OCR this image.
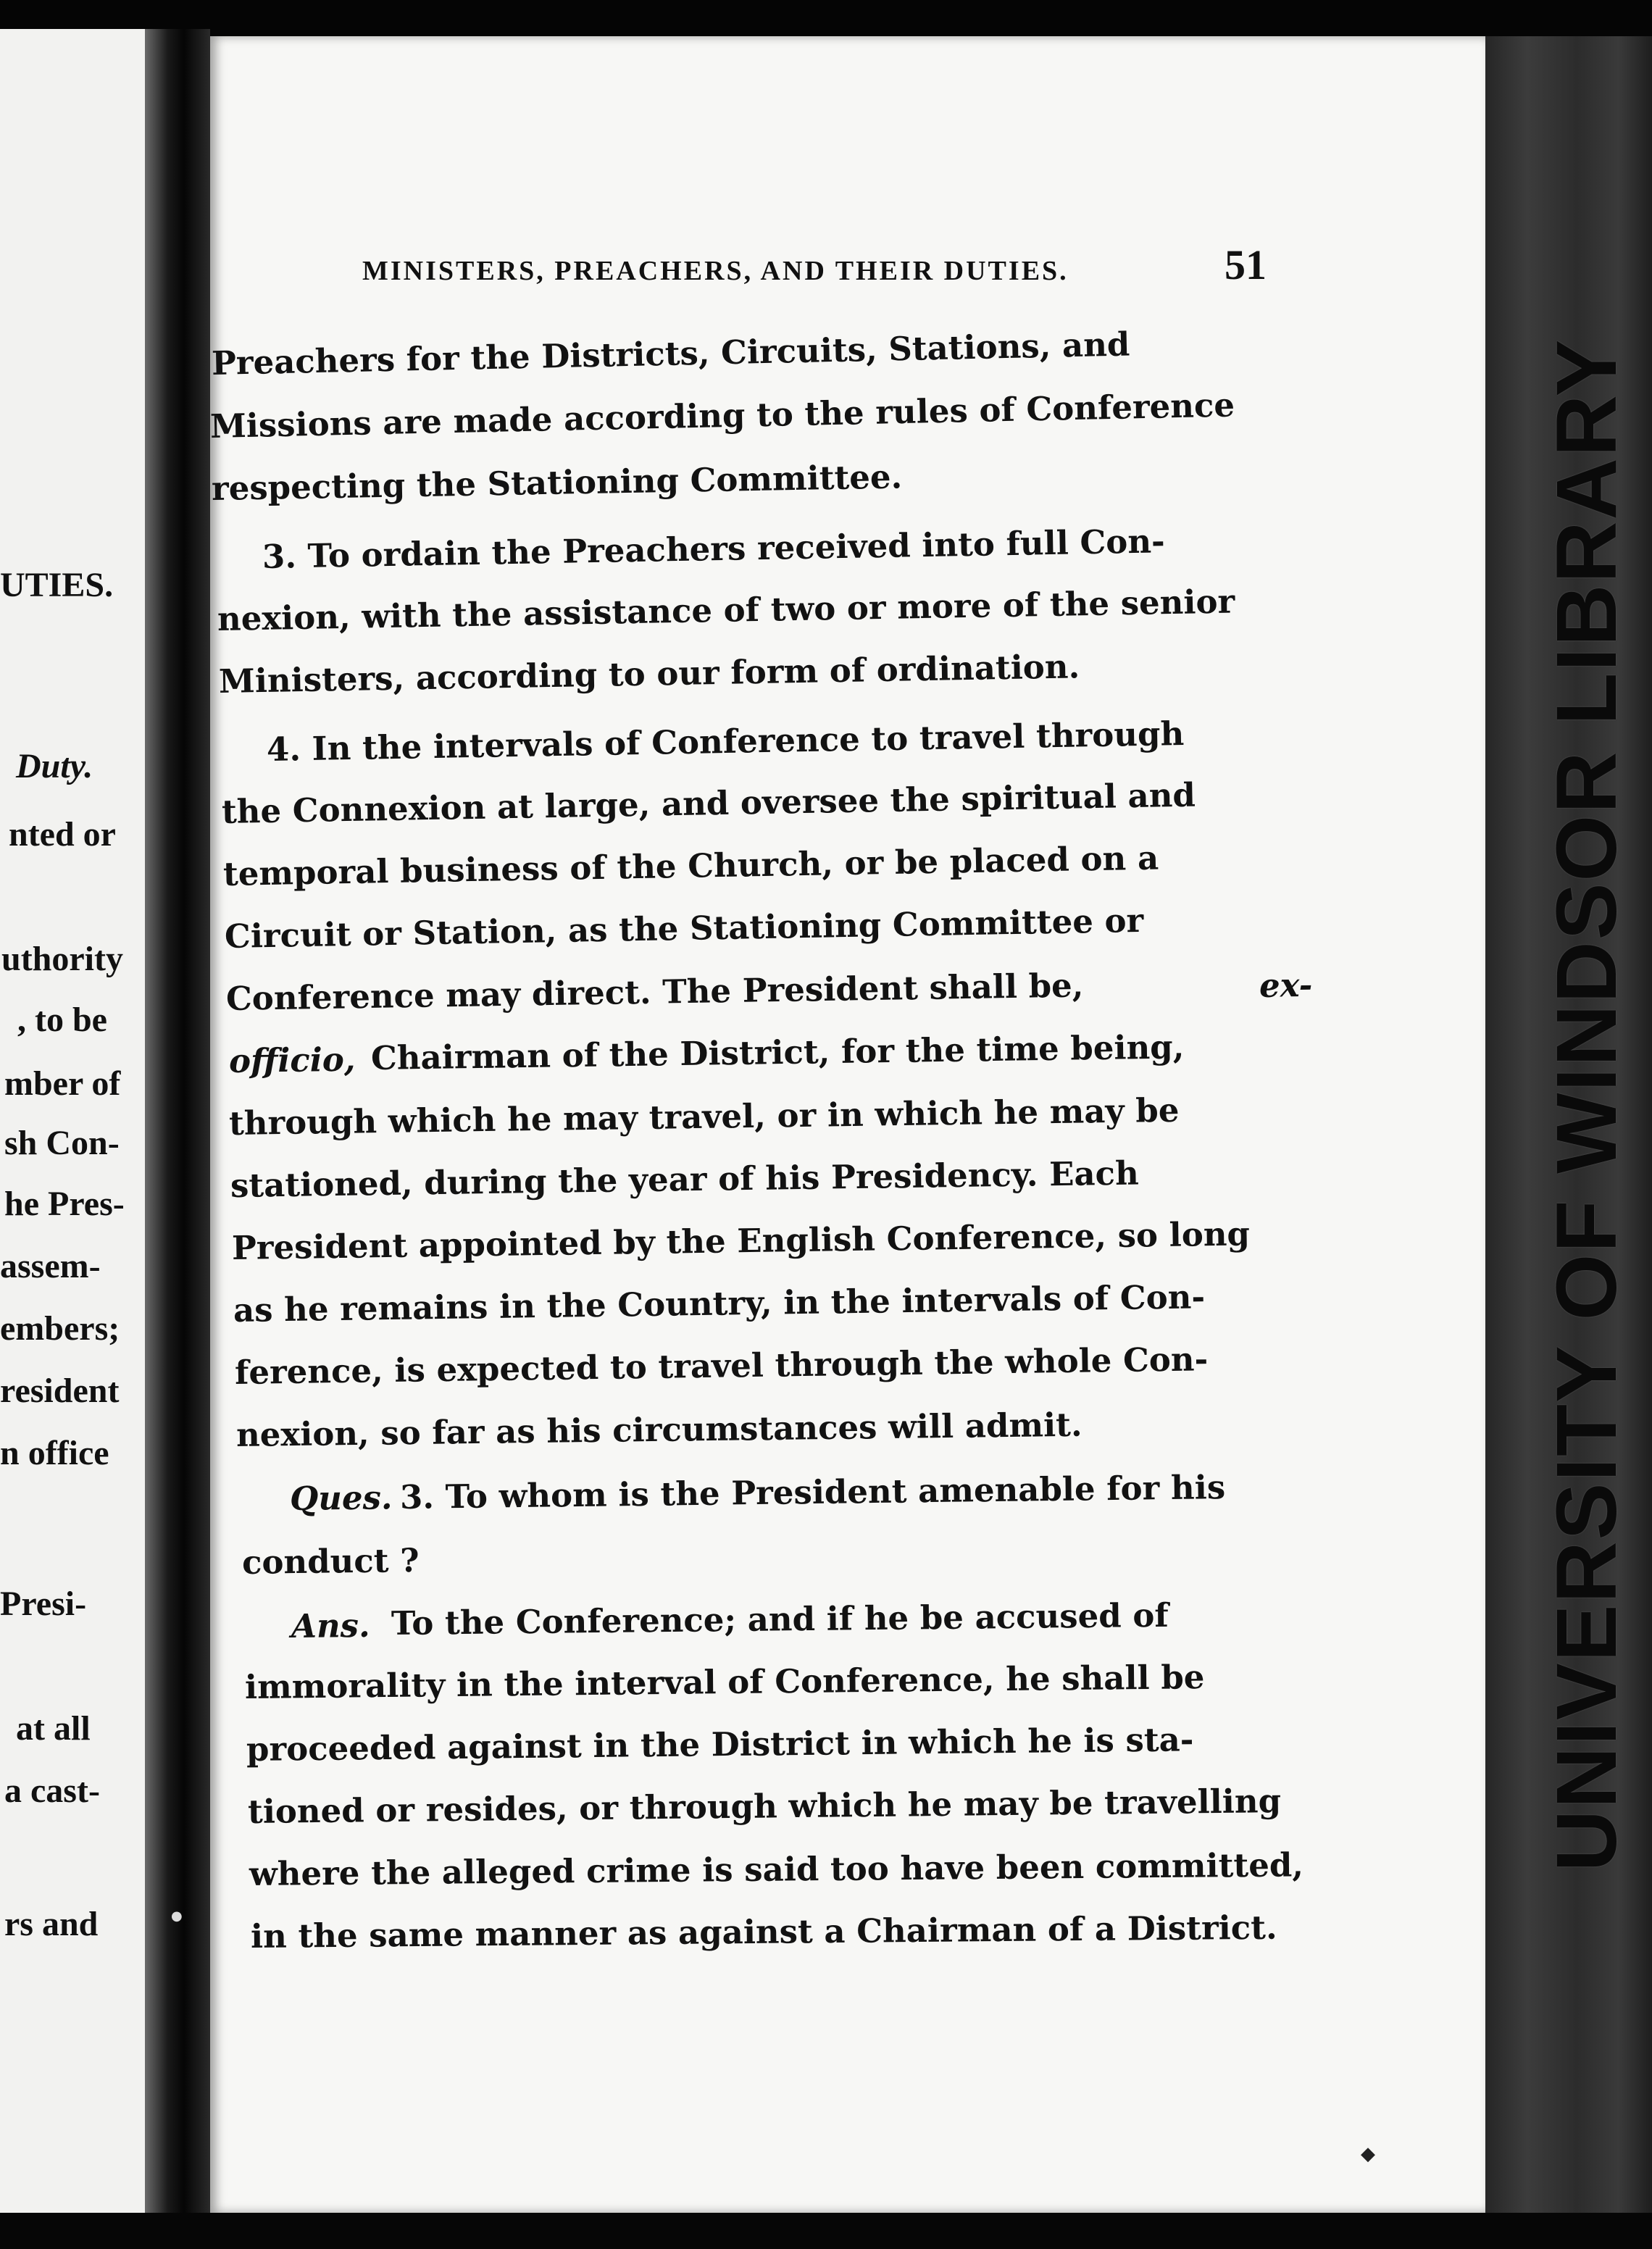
UTIES.
Duty.
nted or
uthority
, to be
mber of
sh Con-
he Pres-
assem-
embers;
resident
n office
Presi-
at all
a cast-
rs and
MINISTERS, PREACHERS, AND THEIR DUTIES.	51
Preachers for the Districts, Circuits, Stations, and
Missions are made according to the rules of Conference
respecting the Stationing Committee.
3. To ordain the Preachers received into full Con-
nexion, with the assistance of two or more of the senior
Ministers, according to our form of ordination.
4. In the intervals of Conference to travel through
the Connexion at large, and oversee the spiritual and
temporal business of the Church, or be placed on a
Circuit or Station, as the Stationing Committee or
Conference may direct. The President shall be,	ex-
officio, Chairman of the District, for the time being,
through which he may travel, or in which he may be
stationed, during the year of his Presidency. Each
President appointed by the English Conference, so long
as he remains in the Country, in the intervals of Con-
ference, is expected to travel through the whole Con-
nexion, so far as his circumstances will admit.
Ques. 3. To whom is the President amenable for his
conduct ?
Ans. To the Conference; and if he be accused of
immorality in the interval of Conference, he shall be
proceeded against in the District in which he is sta-
tioned or resides, or through which he may be travelling
where the alleged crime is said too have been committed,
in the same manner as against a Chairman of a District.
◆
●
UNIVERSITY OF WINDSOR LIBRARY
